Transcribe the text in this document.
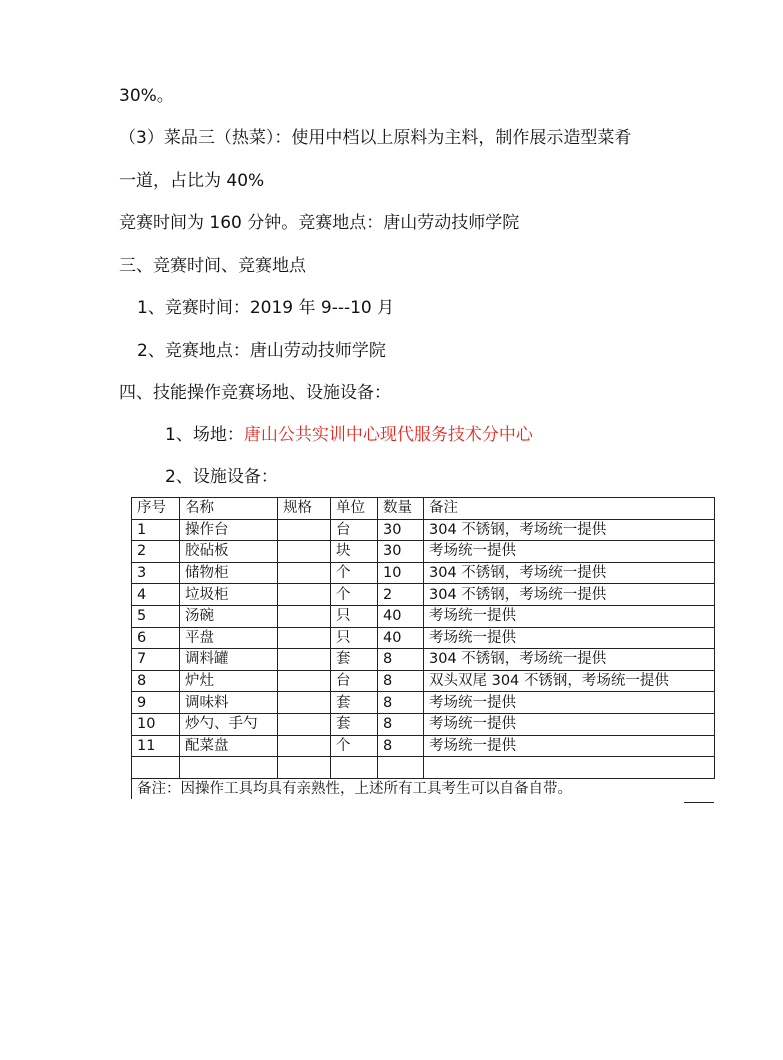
30%。
（3）菜品三（热菜）：使用中档以上原料为主料，制作展示造型菜肴
一道，占比为 40%
竞赛时间为 160 分钟。竞赛地点：唐山劳动技师学院
三、竞赛时间、竞赛地点
1、竞赛时间：2019 年 9---10 月
2、竞赛地点：唐山劳动技师学院
四、技能操作竞赛场地、设施设备：
1、场地：唐山公共实训中心现代服务技术分中心
2、设施设备：
序号	名称	规格	单位	数量	备注
1	操作台		台	30	304 不锈钢，考场统一提供
2	胶砧板		块	30	考场统一提供
3	储物柜		个	10	304 不锈钢，考场统一提供
4	垃圾柜		个	2	304 不锈钢，考场统一提供
5	汤碗		只	40	考场统一提供
6	平盘		只	40	考场统一提供
7	调料罐		套	8	304 不锈钢，考场统一提供
8	炉灶		台	8	双头双尾 304 不锈钢，考场统一提供
9	调味料		套	8	考场统一提供
10	炒勺、手勺		套	8	考场统一提供
11	配菜盘		个	8	考场统一提供

备注：因操作工具均具有亲熟性，上述所有工具考生可以自备自带。					
